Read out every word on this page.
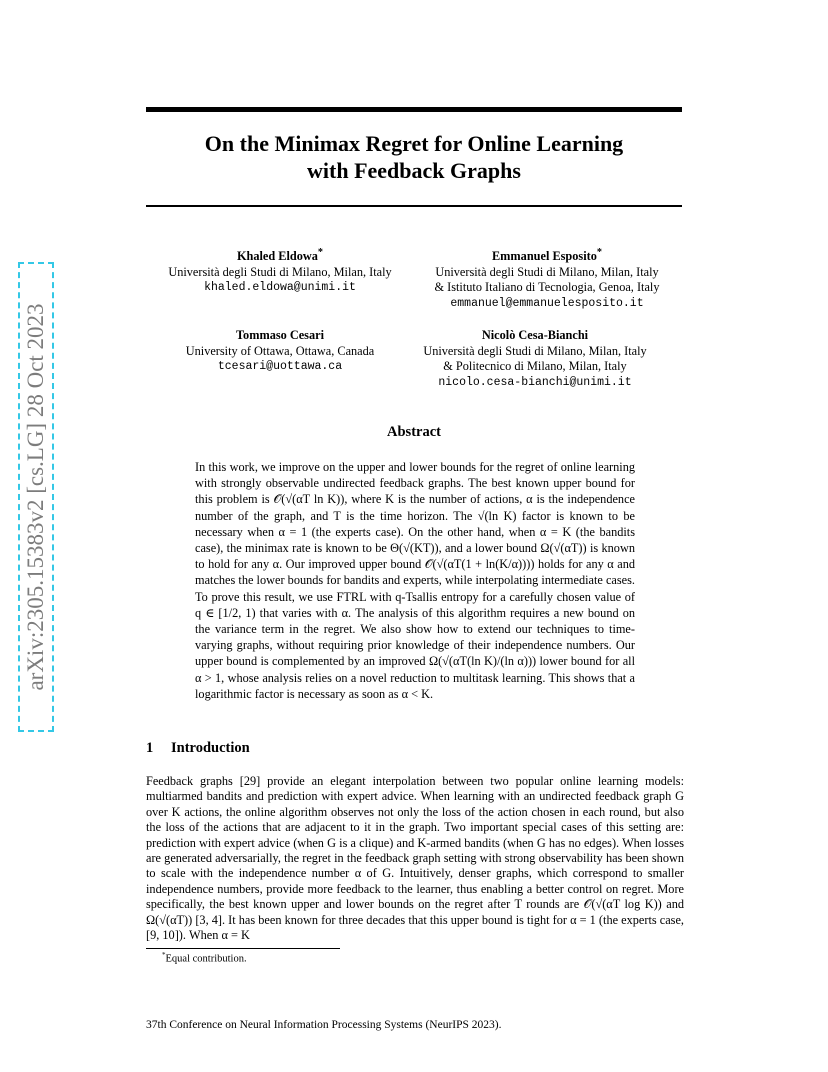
arXiv:2305.15383v2 [cs.LG] 28 Oct 2023
On the Minimax Regret for Online Learning
with Feedback Graphs
Khaled Eldowa*
Università degli Studi di Milano, Milan, Italy
khaled.eldowa@unimi.it
Emmanuel Esposito*
Università degli Studi di Milano, Milan, Italy
& Istituto Italiano di Tecnologia, Genoa, Italy
emmanuel@emmanuelesposito.it
Tommaso Cesari
University of Ottawa, Ottawa, Canada
tcesari@uottawa.ca
Nicolò Cesa-Bianchi
Università degli Studi di Milano, Milan, Italy
& Politecnico di Milano, Milan, Italy
nicolo.cesa-bianchi@unimi.it
Abstract
In this work, we improve on the upper and lower bounds for the regret of online learning with strongly observable undirected feedback graphs. The best known upper bound for this problem is 𝒪(√(αT ln K)), where K is the number of actions, α is the independence number of the graph, and T is the time horizon. The √(ln K) factor is known to be necessary when α = 1 (the experts case). On the other hand, when α = K (the bandits case), the minimax rate is known to be Θ(√(KT)), and a lower bound Ω(√(αT)) is known to hold for any α. Our improved upper bound 𝒪(√(αT(1 + ln(K/α)))) holds for any α and matches the lower bounds for bandits and experts, while interpolating intermediate cases. To prove this result, we use FTRL with q-Tsallis entropy for a carefully chosen value of q ∈ [1/2, 1) that varies with α. The analysis of this algorithm requires a new bound on the variance term in the regret. We also show how to extend our techniques to time-varying graphs, without requiring prior knowledge of their independence numbers. Our upper bound is complemented by an improved Ω(√(αT(ln K)/(ln α))) lower bound for all α > 1, whose analysis relies on a novel reduction to multitask learning. This shows that a logarithmic factor is necessary as soon as α < K.
1 Introduction
Feedback graphs [29] provide an elegant interpolation between two popular online learning models: multiarmed bandits and prediction with expert advice. When learning with an undirected feedback graph G over K actions, the online algorithm observes not only the loss of the action chosen in each round, but also the loss of the actions that are adjacent to it in the graph. Two important special cases of this setting are: prediction with expert advice (when G is a clique) and K-armed bandits (when G has no edges). When losses are generated adversarially, the regret in the feedback graph setting with strong observability has been shown to scale with the independence number α of G. Intuitively, denser graphs, which correspond to smaller independence numbers, provide more feedback to the learner, thus enabling a better control on regret. More specifically, the best known upper and lower bounds on the regret after T rounds are 𝒪(√(αT log K)) and Ω(√(αT)) [3, 4]. It has been known for three decades that this upper bound is tight for α = 1 (the experts case, [9, 10]). When α = K
*Equal contribution.
37th Conference on Neural Information Processing Systems (NeurIPS 2023).
